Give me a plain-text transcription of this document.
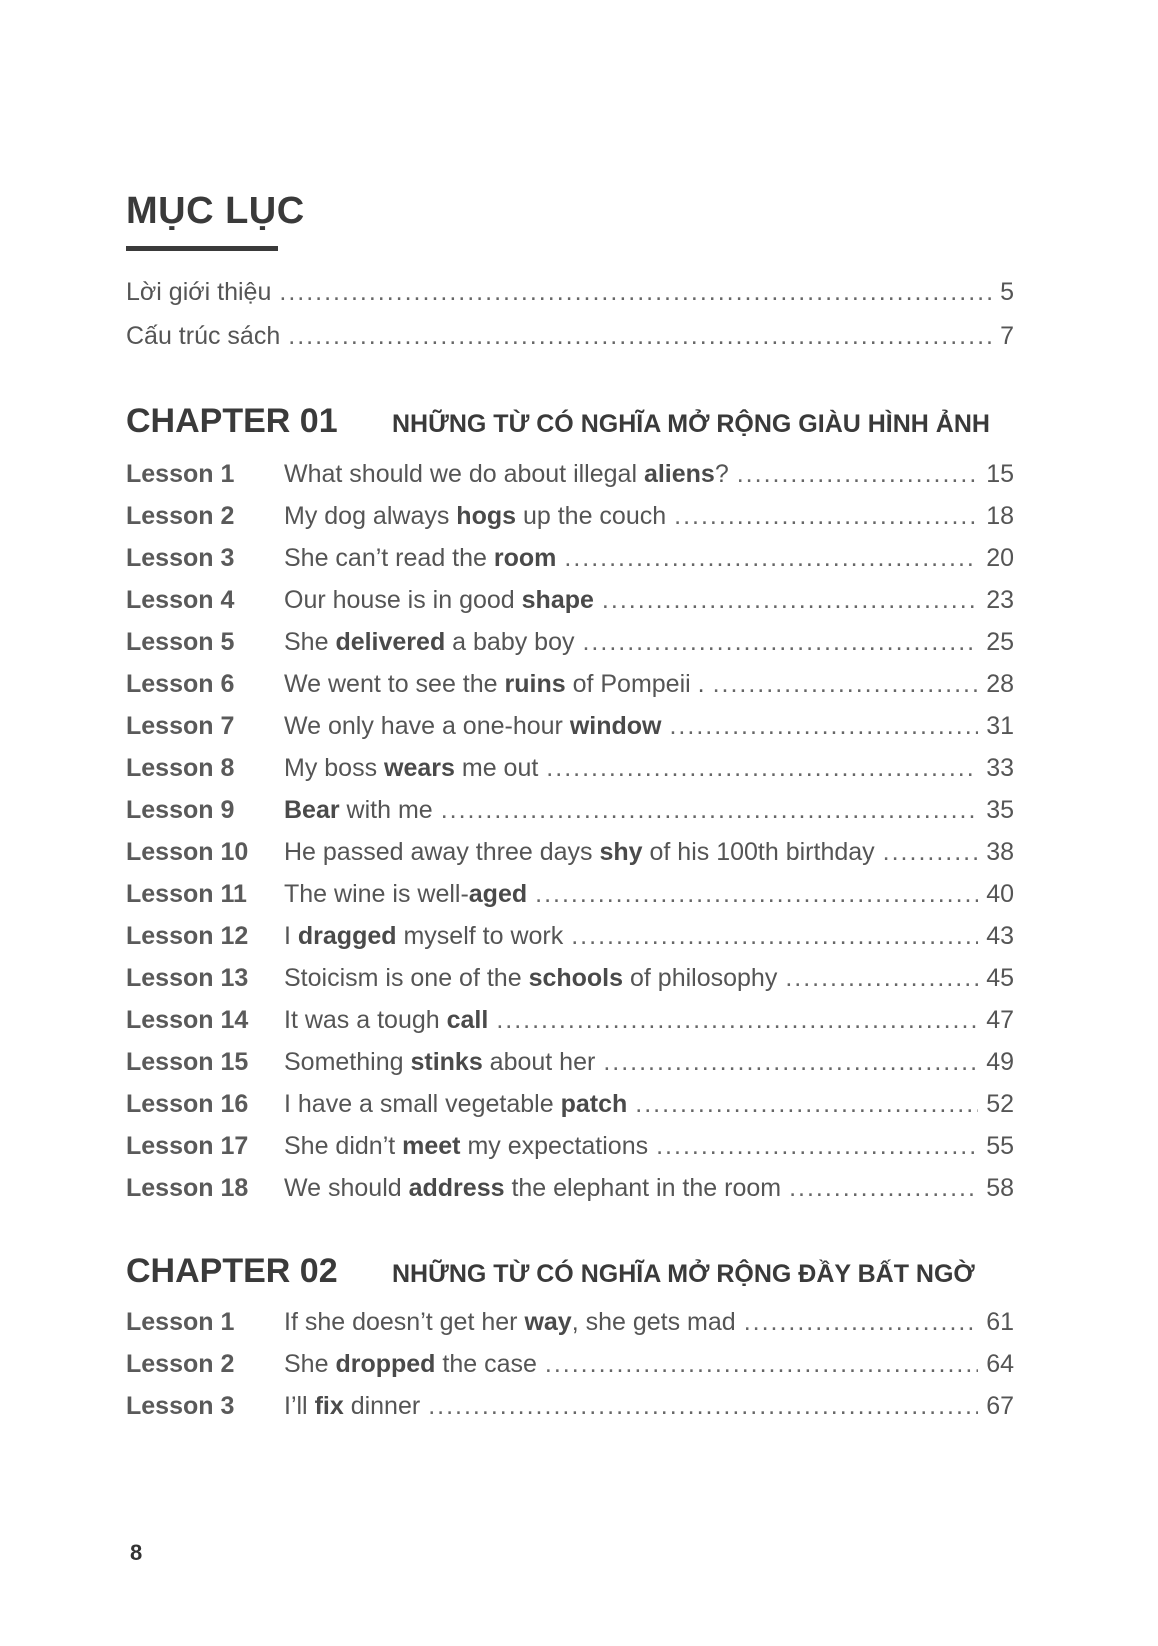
MỤC LỤC
Lời giới thiệu .....	5
Cấu trúc sách .....	7
CHAPTER 01	NHỮNG TỪ CÓ NGHĨA MỞ RỘNG GIÀU HÌNH ẢNH
Lesson 1	What should we do about illegal aliens? .....	15
Lesson 2	My dog always hogs up the couch .....	18
Lesson 3	She can’t read the room .....	20
Lesson 4	Our house is in good shape .....	23
Lesson 5	She delivered a baby boy .....	25
Lesson 6	We went to see the ruins of Pompeii . .....	28
Lesson 7	We only have a one-hour window .....	31
Lesson 8	My boss wears me out .....	33
Lesson 9	Bear with me .....	35
Lesson 10	He passed away three days shy of his 100th birthday .....	38
Lesson 11	The wine is well-aged .....	40
Lesson 12	I dragged myself to work .....	43
Lesson 13	Stoicism is one of the schools of philosophy .....	45
Lesson 14	It was a tough call .....	47
Lesson 15	Something stinks about her .....	49
Lesson 16	I have a small vegetable patch .....	52
Lesson 17	She didn’t meet my expectations .....	55
Lesson 18	We should address the elephant in the room .....	58
CHAPTER 02	NHỮNG TỪ CÓ NGHĨA MỞ RỘNG ĐẦY BẤT NGỜ
Lesson 1	If she doesn’t get her way, she gets mad .....	61
Lesson 2	She dropped the case .....	64
Lesson 3	I’ll fix dinner .....	67
8
